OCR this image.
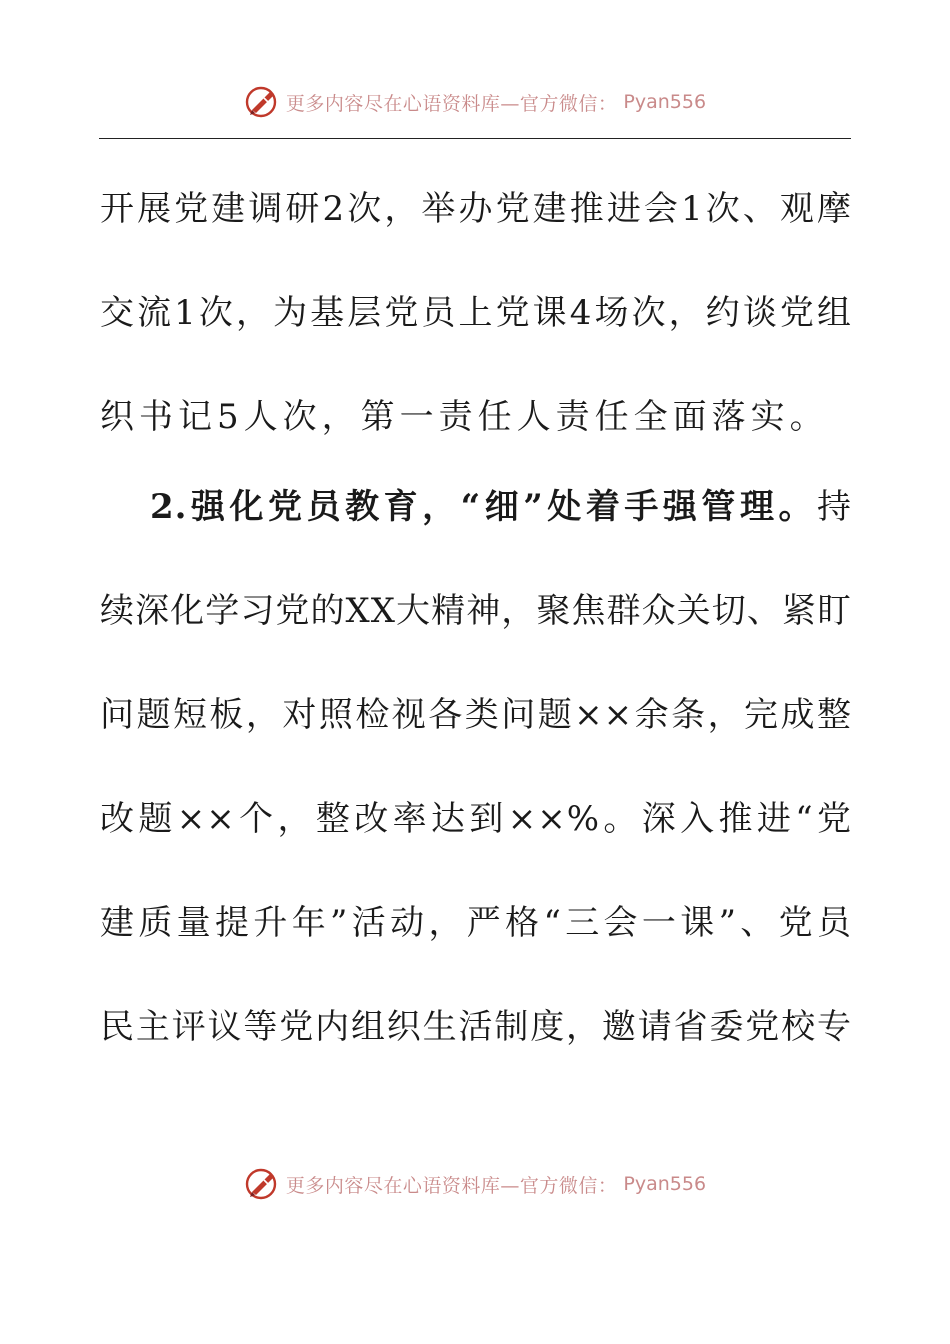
更多内容尽在心语资料库—官方微信： Pyan556
开展党建调研2次，举办党建推进会1次、观摩
交流1次，为基层党员上党课4场次，约谈党组
织书记5人次，第一责任人责任全面落实。
2.强化党员教育，“细”处着手强管理。持
续深化学习党的XX大精神，聚焦群众关切、紧盯
问题短板，对照检视各类问题××余条，完成整
改题××个，整改率达到××%。深入推进“党
建质量提升年”活动，严格“三会一课”、党员
民主评议等党内组织生活制度，邀请省委党校专
更多内容尽在心语资料库—官方微信： Pyan556
